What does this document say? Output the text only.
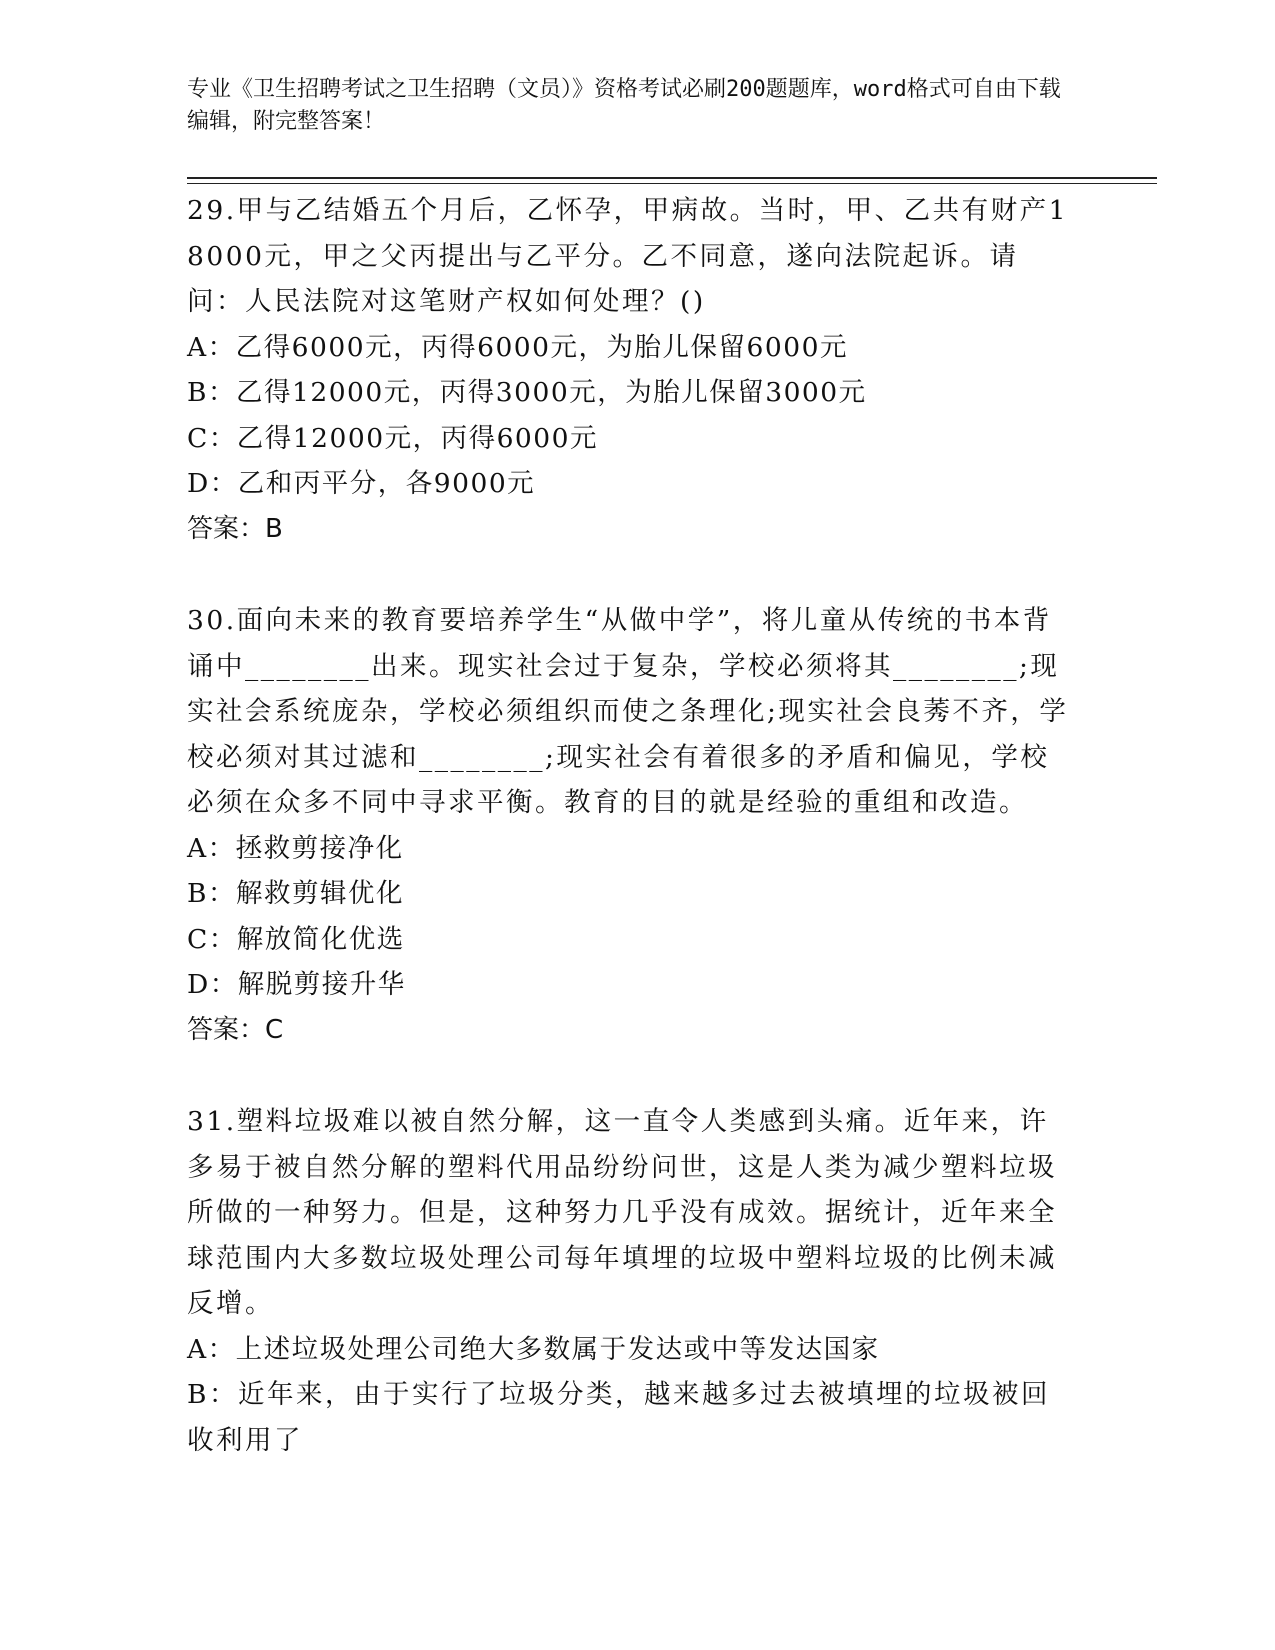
专业《卫生招聘考试之卫生招聘（文员）》资格考试必刷200题题库，word格式可自由下载编辑，附完整答案！

29.甲与乙结婚五个月后，乙怀孕，甲病故。当时，甲、乙共有财产18000元，甲之父丙提出与乙平分。乙不同意，遂向法院起诉。请问：人民法院对这笔财产权如何处理？()

A：乙得6000元，丙得6000元，为胎儿保留6000元

B：乙得12000元，丙得3000元，为胎儿保留3000元

C：乙得12000元，丙得6000元

D：乙和丙平分，各9000元

答案：B

30.面向未来的教育要培养学生“从做中学”，将儿童从传统的书本背诵中________出来。现实社会过于复杂，学校必须将其________;现实社会系统庞杂，学校必须组织而使之条理化;现实社会良莠不齐，学校必须对其过滤和________;现实社会有着很多的矛盾和偏见，学校必须在众多不同中寻求平衡。教育的目的就是经验的重组和改造。

A：拯救剪接净化

B：解救剪辑优化

C：解放简化优选

D：解脱剪接升华

答案：C

31.塑料垃圾难以被自然分解，这一直令人类感到头痛。近年来，许多易于被自然分解的塑料代用品纷纷问世，这是人类为减少塑料垃圾所做的一种努力。但是，这种努力几乎没有成效。据统计，近年来全球范围内大多数垃圾处理公司每年填埋的垃圾中塑料垃圾的比例未减反增。

A：上述垃圾处理公司绝大多数属于发达或中等发达国家

B：近年来，由于实行了垃圾分类，越来越多过去被填埋的垃圾被回收利用了
